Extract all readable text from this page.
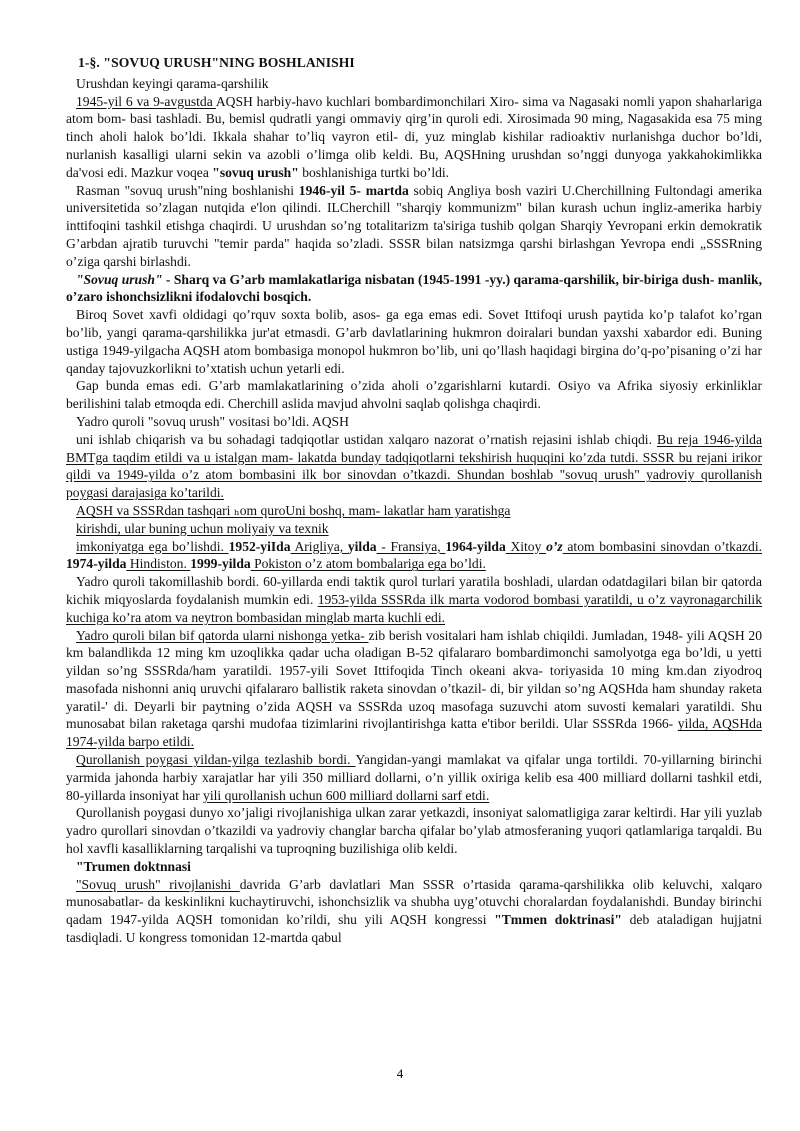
1-§. "SOVUQ URUSH"NING BOSHLANISHI

Urushdan keyingi qarama-qarshilik

1945-yil 6 va 9-avgustda AQSH harbiy-havo kuchlari bombardimonchilari Xiro- sima va Nagasaki nomli yapon shaharlariga atom bom- basi tashladi. Bu, bemisl qudratli yangi ommaviy qirg’in quroli edi. Xirosimada 90 ming, Nagasakida esa 75 ming tinch aholi halok bo’ldi. Ikkala shahar to’liq vayron etil- di, yuz minglab kishilar radioaktiv nurlanishga duchor bo’ldi, nurlanish kasalligi ularni sekin va azobli o’limga olib keldi. Bu, AQSHning urushdan so’nggi dunyoga yakkahokimlikka da'vosi edi. Mazkur voqea "sovuq urush" boshlanishiga turtki bo’ldi.

Rasman "sovuq urush"ning boshlanishi 1946-yil 5- martda sobiq Angliya bosh vaziri U.Cherchillning Fultondagi amerika universitetida so’zlagan nutqida e'lon qilindi. ILCherchill "sharqiy kommunizm" bilan kurash uchun ingliz-amerika harbiy inttifoqini tashkil etishga chaqirdi. U urushdan so’ng totalitarizm ta'siriga tushib qolgan Sharqiy Yevropani erkin demokratik G’arbdan ajratib turuvchi "temir parda" haqida so’zladi. SSSR bilan natsizmga qarshi birlashgan Yevropa endi „SSSRning o’ziga qarshi birlashdi.

"Sovuq urush" - Sharq va G’arb mamlakatlariga nisbatan (1945-1991 -yy.) qarama-qarshilik, bir-biriga dush- manlik, o’zaro ishonchsizlikni ifodalovchi bosqich.

Biroq Sovet xavfi oldidagi qo’rquv soxta bolib, asos- ga ega emas edi. Sovet Ittifoqi urush paytida ko’p talafot ko’rgan bo’lib, yangi qarama-qarshilikka jur'at etmasdi. G’arb davlatlarining hukmron doiralari bundan yaxshi xabardor edi. Buning ustiga 1949-yilgacha AQSH atom bombasiga monopol hukmron bo’lib, uni qo’llash haqidagi birgina do’q-po’pisaning o’zi har qanday tajovuzkorlikni to’xtatish uchun yetarli edi.

Gap bunda emas edi. G’arb mamlakatlarining o’zida aholi o’zgarishlarni kutardi. Osiyo va Afrika siyosiy erkinliklar berilishini talab etmoqda edi. Cherchill aslida mavjud ahvolni saqlab qolishga chaqirdi.

Yadro quroli "sovuq urush" vositasi bo’ldi. AQSH

uni ishlab chiqarish va bu sohadagi tadqiqotlar ustidan xalqaro nazorat o’rnatish rejasini ishlab chiqdi. Bu reja 1946-yilda BMTga taqdim etildi va u istalgan mam- lakatda bunday tadqiqotlarni tekshirish huquqini ko’zda tutdi. SSSR bu rejani irikor qildi va 1949-yilda o’z atom bombasini ilk bor sinovdan o’tkazdi. Shundan boshlab "sovuq urush" yadroviy qurollanish poygasi darajasiga ko’tarildi.

AQSH va SSSRdan tashqari ₕom quroUni boshq, mam- lakatlar ham yaratishga

kirishdi, ular buning uchun moliyaiy va texnik

imkoniyatga ega bo’lishdi. 1952-yiIda Arigliya, yilda - Fransiya, 1964-yilda Xitoy o’z atom bombasini sinovdan o’tkazdi. 1974-yilda Hindiston. 1999-yilda Pokiston o’z atom bombalariga ega bo’ldi.

Yadro quroli takomillashib bordi. 60-yillarda endi taktik qurol turlari yaratila boshladi, ulardan odatdagilari bilan bir qatorda kichik miqyoslarda foydalanish mumkin edi. 1953-yilda SSSRda ilk marta vodorod bombasi yaratildi, u o’z vayronagarchilik kuchiga ko’ra atom va neytron bombasidan minglab marta kuchli edi.

Yadro quroli bilan bif qatorda ularni nishonga yetka- zib berish vositalari ham ishlab chiqildi. Jumladan, 1948- yili AQSH 20 km balandlikda 12 ming km uzoqlikka qadar ucha oladigan B-52 qifalararo bombardimonchi samolyotga ega bo’ldi, u yetti yildan so’ng SSSRda/ham yaratildi. 1957-yili Sovet Ittifoqida Tinch okeani akva- toriyasida 10 ming km.dan ziyodroq masofada nishonni aniq uruvchi qifalararo ballistik raketa sinovdan o’tkazil- di, bir yildan so’ng AQSHda ham shunday raketa yaratil-' di. Deyarli bir paytning o’zida AQSH va SSSRda uzoq masofaga suzuvchi atom suvosti kemalari yaratildi. Shu munosabat bilan raketaga qarshi mudofaa tizimlarini rivojlantirishga katta e'tibor berildi. Ular SSSRda 1966- yilda, AQSHda 1974-yilda barpo etildi.

Qurollanish poygasi yildan-yilga tezlashib bordi. Yangidan-yangi mamlakat va qifalar unga tortildi. 70-yillarning birinchi yarmida jahonda harbiy xarajatlar har yili 350 milliard dollarni, o’n yillik oxiriga kelib esa 400 milliard dollarni tashkil etdi, 80-yillarda insoniyat har yili qurollanish uchun 600 milliard dollarni sarf etdi.

Qurollanish poygasi dunyo xo’jaligi rivojlanishiga ulkan zarar yetkazdi, insoniyat salomatligiga zarar keltirdi. Har yili yuzlab yadro qurollari sinovdan o’tkazildi va yadroviy changlar barcha qifalar bo’ylab atmosferaning yuqori qatlamlariga tarqaldi. Bu hol xavfli kasalliklarning tarqalishi va tuproqning buzilishiga olib keldi.

"Trumen doktnnasi

"Sovuq urush" rivojlanishi davrida G’arb davlatlari Man SSSR o’rtasida qarama-qarshilikka olib keluvchi, xalqaro munosabatlar- da keskinlikni kuchaytiruvchi, ishonchsizlik va shubha uyg’otuvchi choralardan foydalanishdi. Bunday birinchi qadam 1947-yilda AQSH tomonidan ko’rildi, shu yili AQSH kongressi "Tmmen doktrinasi" deb ataladigan hujjatni tasdiqladi. U kongress tomonidan 12-martda qabul

4
